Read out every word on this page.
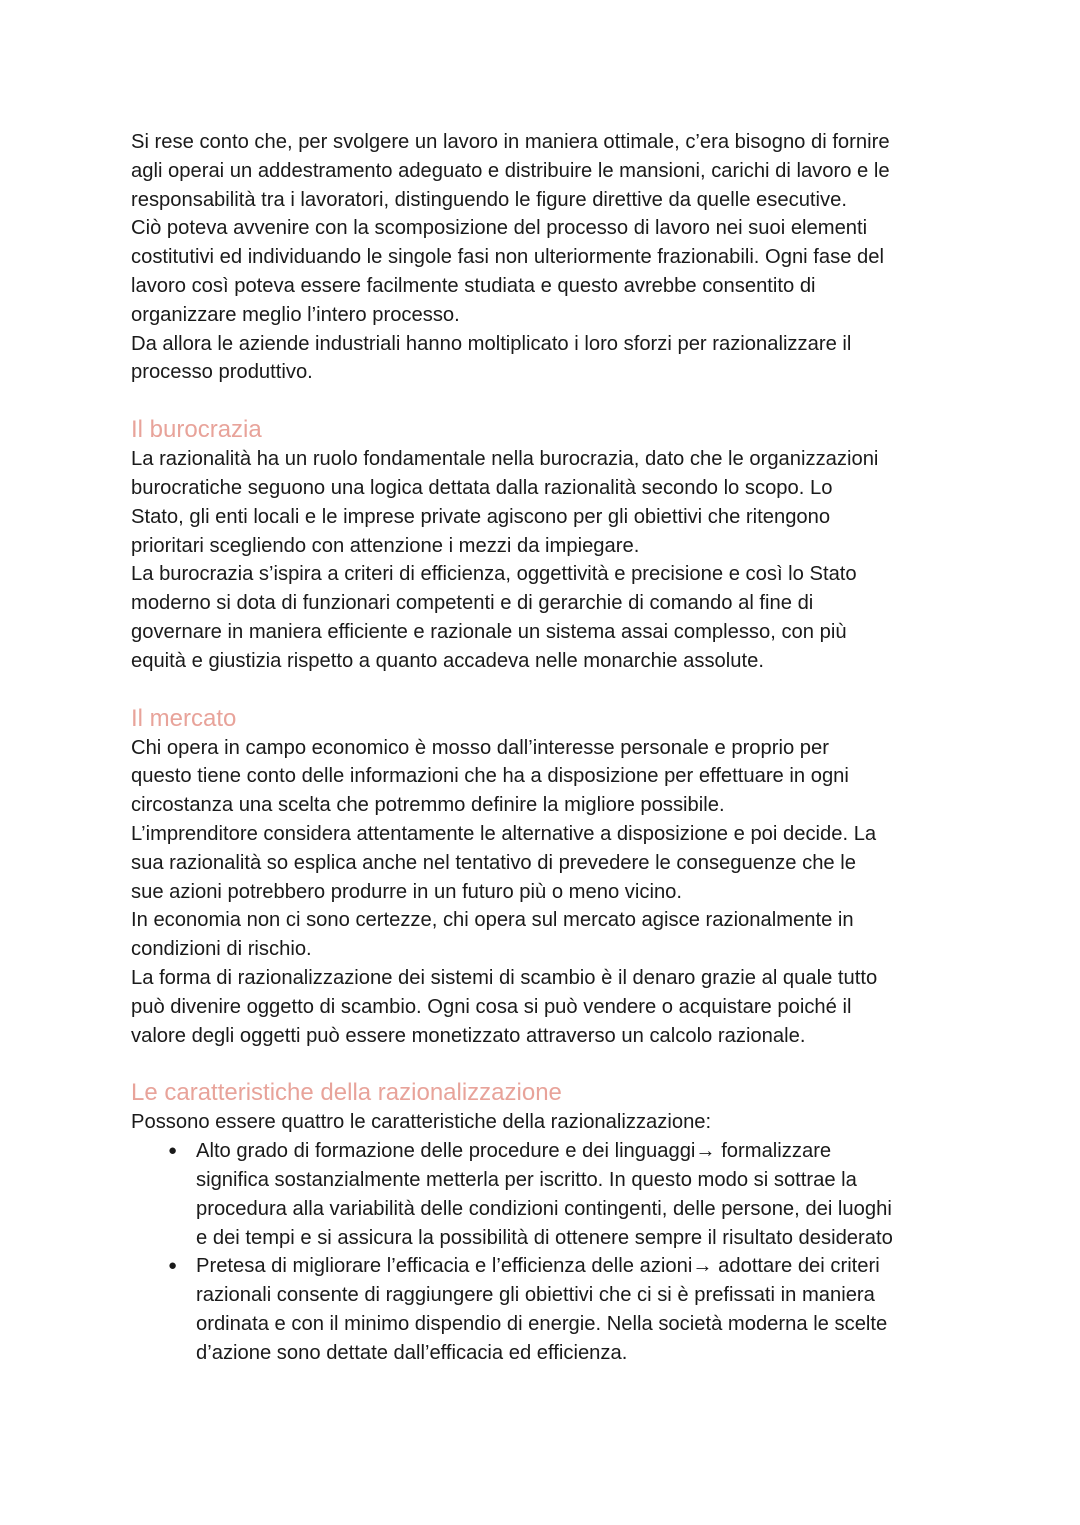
Si rese conto che, per svolgere un lavoro in maniera ottimale, c’era bisogno di fornire
agli operai un addestramento adeguato e distribuire le mansioni, carichi di lavoro e le
responsabilità tra i lavoratori, distinguendo le figure direttive da quelle esecutive.
Ciò poteva avvenire con la scomposizione del processo di lavoro nei suoi elementi
costitutivi ed individuando le singole fasi non ulteriormente frazionabili. Ogni fase del
lavoro così poteva essere facilmente studiata e questo avrebbe consentito di
organizzare meglio l’intero processo.
Da allora le aziende industriali hanno moltiplicato i loro sforzi per razionalizzare il
processo produttivo.
Il burocrazia
La razionalità ha un ruolo fondamentale nella burocrazia, dato che le organizzazioni
burocratiche seguono una logica dettata dalla razionalità secondo lo scopo. Lo
Stato, gli enti locali e le imprese private agiscono per gli obiettivi che ritengono
prioritari scegliendo con attenzione i mezzi da impiegare.
La burocrazia s’ispira a criteri di efficienza, oggettività e precisione e così lo Stato
moderno si dota di funzionari competenti e di gerarchie di comando al fine di
governare in maniera efficiente e razionale un sistema assai complesso, con più
equità e giustizia rispetto a quanto accadeva nelle monarchie assolute.
Il mercato
Chi opera in campo economico è mosso dall’interesse personale e proprio per
questo tiene conto delle informazioni che ha a disposizione per effettuare in ogni
circostanza una scelta che potremmo definire la migliore possibile.
L’imprenditore considera attentamente le alternative a disposizione e poi decide. La
sua razionalità so esplica anche nel tentativo di prevedere le conseguenze che le
sue azioni potrebbero produrre in un futuro più o meno vicino.
In economia non ci sono certezze, chi opera sul mercato agisce razionalmente in
condizioni di rischio.
La forma di razionalizzazione dei sistemi di scambio è il denaro grazie al quale tutto
può divenire oggetto di scambio. Ogni cosa si può vendere o acquistare poiché il
valore degli oggetti può essere monetizzato attraverso un calcolo razionale.
Le caratteristiche della razionalizzazione
Possono essere quattro le caratteristiche della razionalizzazione:
● Alto grado di formazione delle procedure e dei linguaggi→ formalizzare
significa sostanzialmente metterla per iscritto. In questo modo si sottrae la
procedura alla variabilità delle condizioni contingenti, delle persone, dei luoghi
e dei tempi e si assicura la possibilità di ottenere sempre il risultato desiderato
● Pretesa di migliorare l’efficacia e l’efficienza delle azioni→ adottare dei criteri
razionali consente di raggiungere gli obiettivi che ci si è prefissati in maniera
ordinata e con il minimo dispendio di energie. Nella società moderna le scelte
d’azione sono dettate dall’efficacia ed efficienza.
